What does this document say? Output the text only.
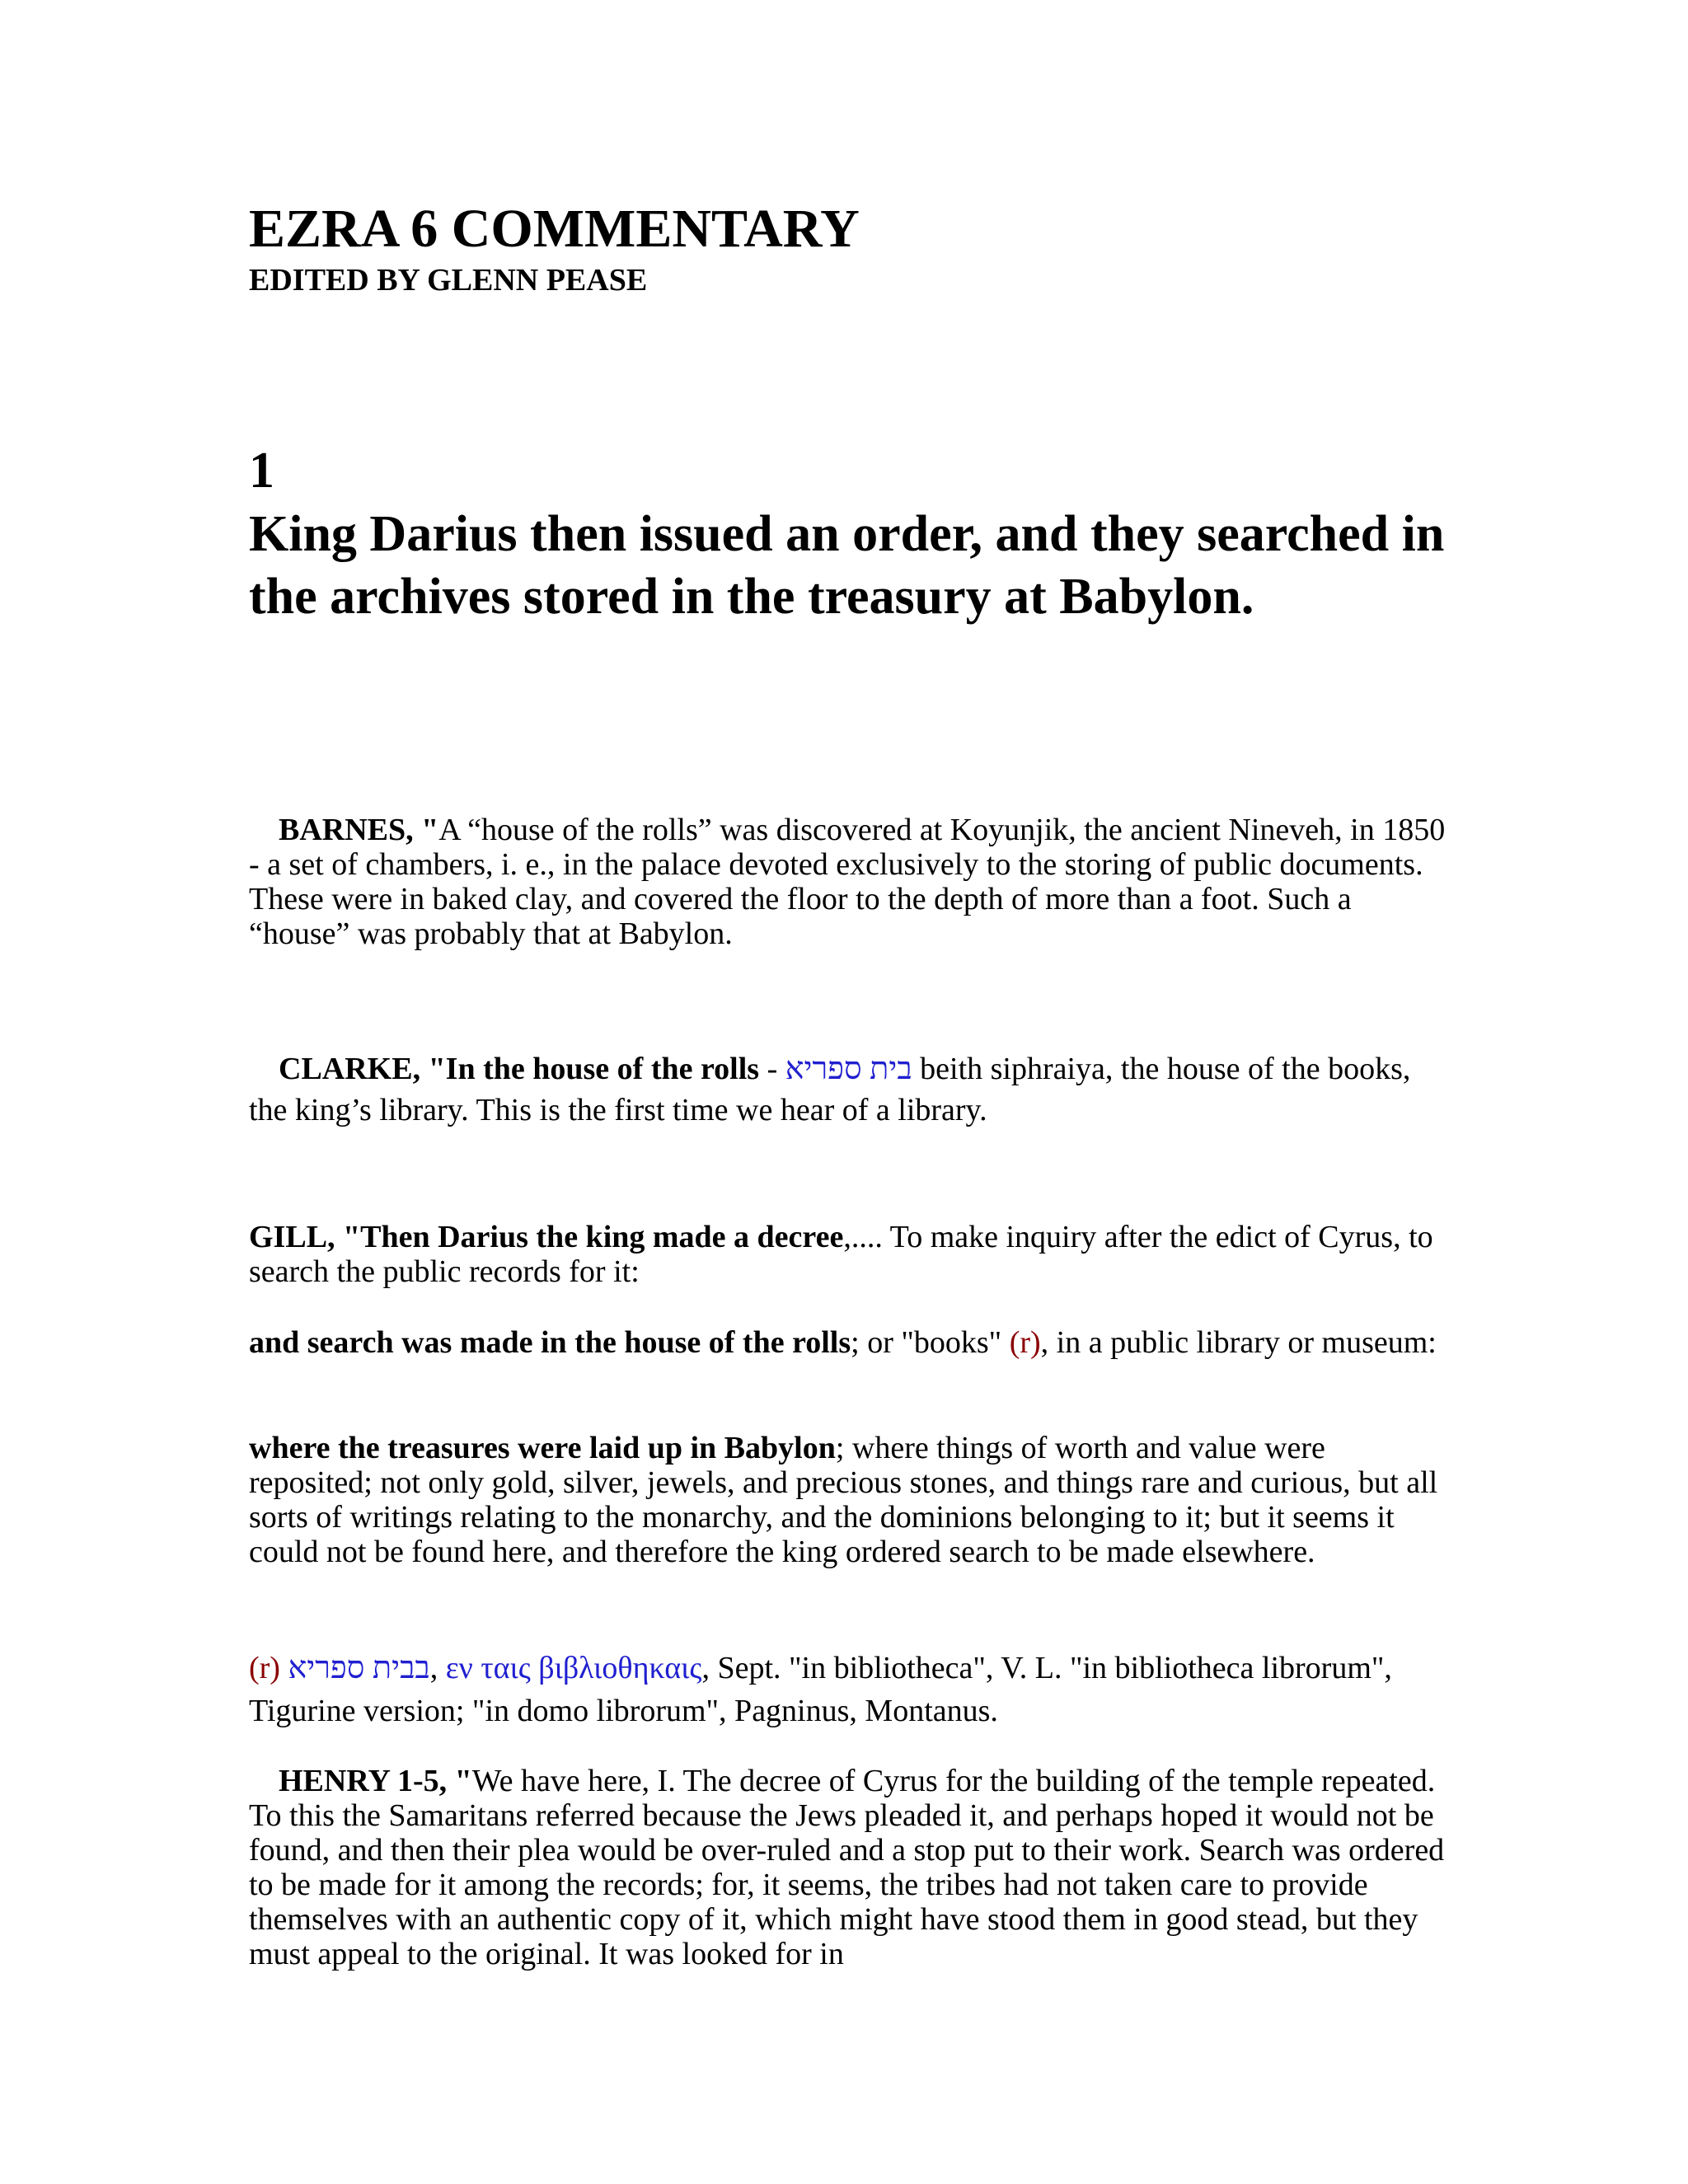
EZRA 6 COMMENTARY
EDITED BY GLENN PEASE
1
King Darius then issued an order, and they searched in the archives stored in the treasury at Babylon.
BARNES, "A “house of the rolls” was discovered at Koyunjik, the ancient Nineveh, in 1850 - a set of chambers, i. e., in the palace devoted exclusively to the storing of public documents. These were in baked clay, and covered the floor to the depth of more than a foot. Such a “house” was probably that at Babylon.
CLARKE, "In the house of the rolls - בית ספריא beith siphraiya, the house of the books, the king’s library. This is the first time we hear of a library.
GILL, "Then Darius the king made a decree,.... To make inquiry after the edict of Cyrus, to search the public records for it:
and search was made in the house of the rolls; or "books" (r), in a public library or museum:
where the treasures were laid up in Babylon; where things of worth and value were reposited; not only gold, silver, jewels, and precious stones, and things rare and curious, but all sorts of writings relating to the monarchy, and the dominions belonging to it; but it seems it could not be found here, and therefore the king ordered search to be made elsewhere.
(r) בבית ספריא, εν ταις βιβλιοθηκαις, Sept. "in bibliotheca", V. L. "in bibliotheca librorum", Tigurine version; "in domo librorum", Pagninus, Montanus.
HENRY 1-5, "We have here, I. The decree of Cyrus for the building of the temple repeated. To this the Samaritans referred because the Jews pleaded it, and perhaps hoped it would not be found, and then their plea would be over-ruled and a stop put to their work. Search was ordered to be made for it among the records; for, it seems, the tribes had not taken care to provide themselves with an authentic copy of it, which might have stood them in good stead, but they must appeal to the original. It was looked for in
